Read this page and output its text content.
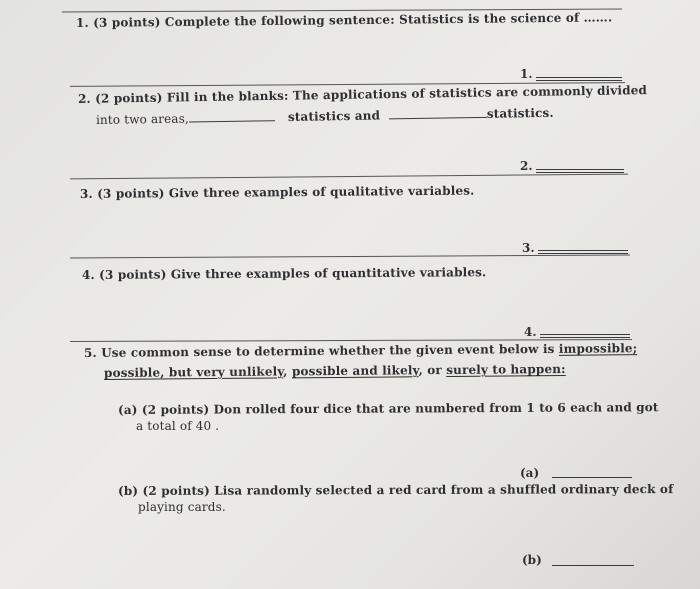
1. (3 points) Complete the following sentence: Statistics is the science of …….
1.
2. (2 points) Fill in the blanks: The applications of statistics are commonly divided
into two areas,	statistics and	statistics.
2.
3. (3 points) Give three examples of qualitative variables.
3.
4. (3 points) Give three examples of quantitative variables.
4.
5. Use common sense to determine whether the given event below is impossible;
possible, but very unlikely, possible and likely, or surely to happen:
(a) (2 points) Don rolled four dice that are numbered from 1 to 6 each and got
a total of 40 .
(a)
(b) (2 points) Lisa randomly selected a red card from a shuffled ordinary deck of
playing cards.
(b)
